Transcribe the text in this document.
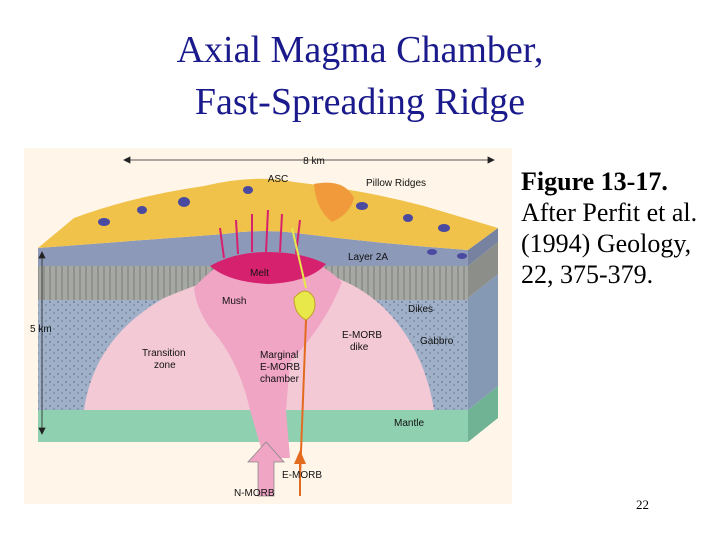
Axial Magma Chamber,
Fast-Spreading Ridge
8 km
ASC	Pillow Ridges
Layer 2A
Melt
Mush
Dikes
5 km
Gabbro
Transition
zone
Marginal
E-MORB
chamber
E-MORB
dike
Mantle
E-MORB
N-MORB
Figure 13-17. After Perfit et al. (1994) Geology, 22, 375-379.
22
